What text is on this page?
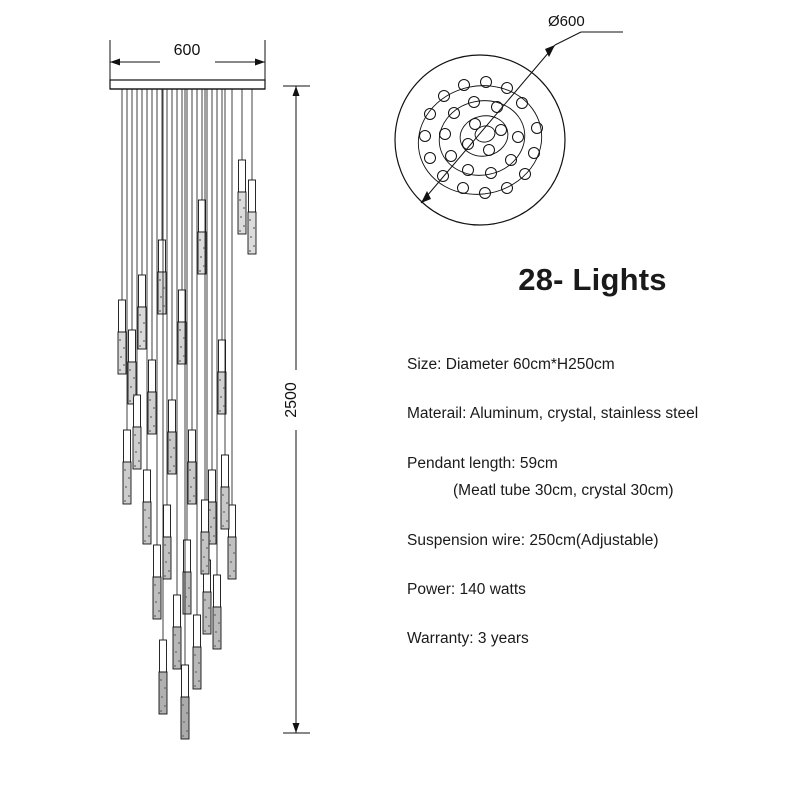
600
2500
Ø600
28- Lights
Size: Diameter 60cm*H250cm
Materail: Aluminum, crystal, stainless steel
Pendant length: 59cm
(Meatl tube 30cm, crystal 30cm)
Suspension wire: 250cm(Adjustable)
Power: 140 watts
Warranty: 3 years
